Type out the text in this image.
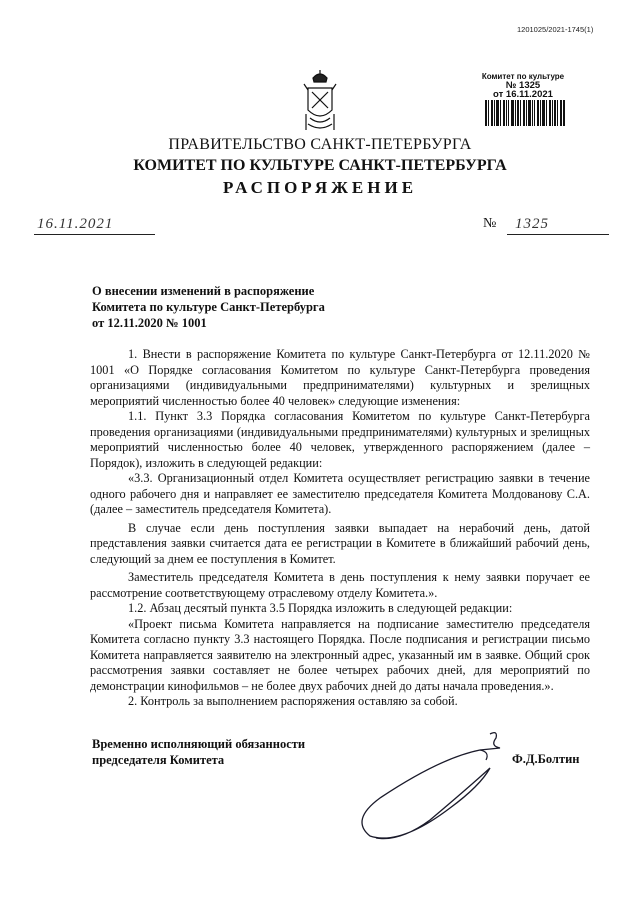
1201025/2021-1745(1)
Комитет по культуре
№ 1325
от 16.11.2021
ПРАВИТЕЛЬСТВО САНКТ-ПЕТЕРБУРГА
КОМИТЕТ ПО КУЛЬТУРЕ САНКТ-ПЕТЕРБУРГА
РАСПОРЯЖЕНИЕ
16.11.2021	№	1325
О внесении изменений в распоряжение
Комитета по культуре Санкт-Петербурга
от 12.11.2020 № 1001

1. Внести в распоряжение Комитета по культуре Санкт-Петербурга от 12.11.2020 № 1001 «О Порядке согласования Комитетом по культуре Санкт-Петербурга проведения организациями (индивидуальными предпринимателями) культурных и зрелищных мероприятий численностью более 40 человек» следующие изменения:

1.1. Пункт 3.3 Порядка согласования Комитетом по культуре Санкт-Петербурга проведения организациями (индивидуальными предпринимателями) культурных и зрелищных мероприятий численностью более 40 человек, утвержденного распоряжением (далее – Порядок), изложить в следующей редакции:

«3.3. Организационный отдел Комитета осуществляет регистрацию заявки в течение одного рабочего дня и направляет ее заместителю председателя Комитета Молдованову С.А. (далее – заместитель председателя Комитета).

В случае если день поступления заявки выпадает на нерабочий день, датой представления заявки считается дата ее регистрации в Комитете в ближайший рабочий день, следующий за днем ее поступления в Комитет.

Заместитель председателя Комитета в день поступления к нему заявки поручает ее рассмотрение соответствующему отраслевому отделу Комитета.».

1.2. Абзац десятый пункта 3.5 Порядка изложить в следующей редакции:

«Проект письма Комитета направляется на подписание заместителю председателя Комитета согласно пункту 3.3 настоящего Порядка. После подписания и регистрации письмо Комитета направляется заявителю на электронный адрес, указанный им в заявке. Общий срок рассмотрения заявки составляет не более четырех рабочих дней, для мероприятий по демонстрации кинофильмов – не более двух рабочих дней до даты начала проведения.».

2. Контроль за выполнением распоряжения оставляю за собой.

Временно исполняющий обязанности
председателя Комитета	Ф.Д.Болтин
